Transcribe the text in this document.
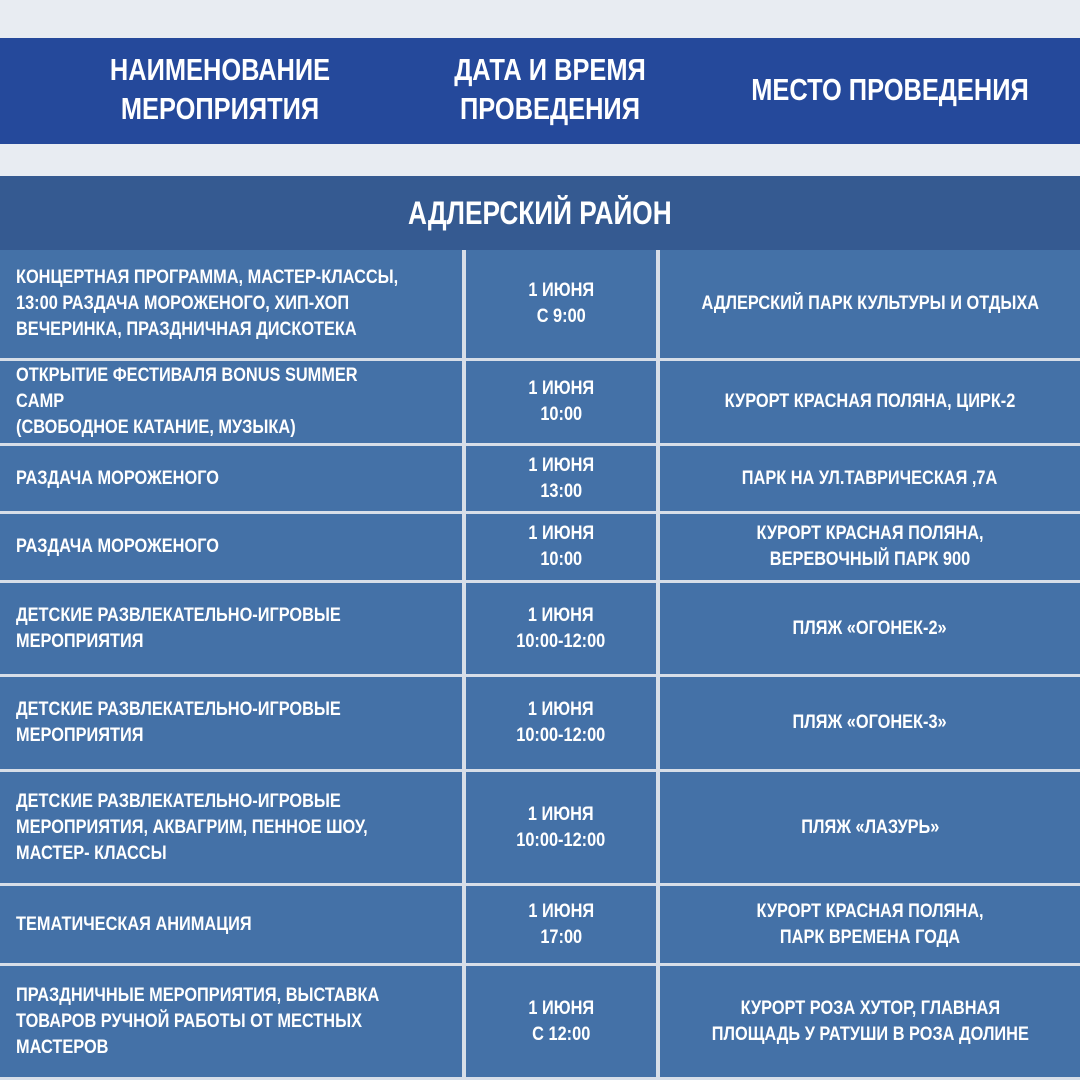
НАИМЕНОВАНИЕ
МЕРОПРИЯТИЯ
ДАТА И ВРЕМЯ
ПРОВЕДЕНИЯ
МЕСТО ПРОВЕДЕНИЯ
АДЛЕРСКИЙ РАЙОН
КОНЦЕРТНАЯ ПРОГРАММА, МАСТЕР-КЛАССЫ,
13:00 РАЗДАЧА МОРОЖЕНОГО, ХИП-ХОП
ВЕЧЕРИНКА, ПРАЗДНИЧНАЯ ДИСКОТЕКА
1 ИЮНЯ
С 9:00
АДЛЕРСКИЙ ПАРК КУЛЬТУРЫ И ОТДЫХА
ОТКРЫТИЕ ФЕСТИВАЛЯ BONUS SUMMER CAMP
(СВОБОДНОЕ КАТАНИЕ, МУЗЫКА)
1 ИЮНЯ
10:00
КУРОРТ КРАСНАЯ ПОЛЯНА, ЦИРК-2
РАЗДАЧА МОРОЖЕНОГО
1 ИЮНЯ
13:00
ПАРК НА УЛ.ТАВРИЧЕСКАЯ ,7А
РАЗДАЧА МОРОЖЕНОГО
1 ИЮНЯ
10:00
КУРОРТ КРАСНАЯ ПОЛЯНА,
ВЕРЕВОЧНЫЙ ПАРК 900
ДЕТСКИЕ РАЗВЛЕКАТЕЛЬНО-ИГРОВЫЕ
МЕРОПРИЯТИЯ
1 ИЮНЯ
10:00-12:00
ПЛЯЖ «ОГОНЕК-2»
ДЕТСКИЕ РАЗВЛЕКАТЕЛЬНО-ИГРОВЫЕ
МЕРОПРИЯТИЯ
1 ИЮНЯ
10:00-12:00
ПЛЯЖ «ОГОНЕК-3»
ДЕТСКИЕ РАЗВЛЕКАТЕЛЬНО-ИГРОВЫЕ
МЕРОПРИЯТИЯ, АКВАГРИМ, ПЕННОЕ ШОУ,
МАСТЕР- КЛАССЫ
1 ИЮНЯ
10:00-12:00
ПЛЯЖ «ЛАЗУРЬ»
ТЕМАТИЧЕСКАЯ АНИМАЦИЯ
1 ИЮНЯ
17:00
КУРОРТ КРАСНАЯ ПОЛЯНА,
ПАРК ВРЕМЕНА ГОДА
ПРАЗДНИЧНЫЕ МЕРОПРИЯТИЯ, ВЫСТАВКА
ТОВАРОВ РУЧНОЙ РАБОТЫ ОТ МЕСТНЫХ
МАСТЕРОВ
1 ИЮНЯ
С 12:00
КУРОРТ РОЗА ХУТОР, ГЛАВНАЯ
ПЛОЩАДЬ У РАТУШИ В РОЗА ДОЛИНЕ
